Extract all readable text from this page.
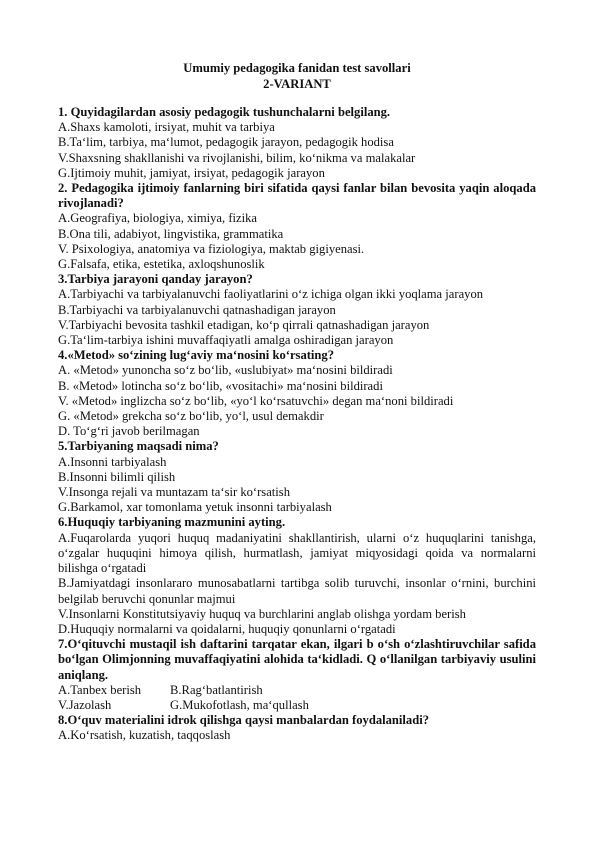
Umumiy pedagogika fanidan test savollari
2-VARIANT
1. Quyidagilardan asosiy pedagogik tushunchalarni belgilang.
A.Shaxs kamoloti, irsiyat, muhit va tarbiya
B.Ta‘lim, tarbiya, ma‘lumot, pedagogik jarayon, pedagogik hodisa
V.Shaxsning shakllanishi va rivojlanishi, bilim, ko‘nikma va malakalar
G.Ijtimoiy muhit, jamiyat, irsiyat, pedagogik jarayon
2. Pedagogika ijtimoiy fanlarning biri sifatida qaysi fanlar bilan bevosita yaqin aloqada rivojlanadi?
A.Geografiya, biologiya, ximiya, fizika
B.Ona tili, adabiyot, lingvistika, grammatika
V. Psixologiya, anatomiya va fiziologiya, maktab gigiyenasi.
G.Falsafa, etika, estetika, axloqshunoslik
3.Tarbiya jarayoni qanday jarayon?
A.Tarbiyachi va tarbiyalanuvchi faoliyatlarini o‘z ichiga olgan ikki yoqlama jarayon
B.Tarbiyachi va tarbiyalanuvchi qatnashadigan jarayon
V.Tarbiyachi bevosita tashkil etadigan, ko‘p qirrali qatnashadigan jarayon
G.Ta‘lim-tarbiya ishini muvaffaqiyatli amalga oshiradigan jarayon
4.«Metod» so‘zining lug‘aviy ma‘nosini ko‘rsating?
A. «Metod» yunoncha so‘z bo‘lib, «uslubiyat» ma‘nosini bildiradi
B. «Metod» lotincha so‘z bo‘lib, «vositachi» ma‘nosini bildiradi
V. «Metod» inglizcha so‘z bo‘lib, «yo‘l ko‘rsatuvchi» degan ma‘noni bildiradi
G. «Metod» grekcha so‘z bo‘lib, yo‘l, usul demakdir
D. To‘g‘ri javob berilmagan
5.Tarbiyaning maqsadi nima?
A.Insonni tarbiyalash
B.Insonni bilimli qilish
V.Insonga rejali va muntazam ta‘sir ko‘rsatish
G.Barkamol, xar tomonlama yetuk insonni tarbiyalash
6.Huquqiy tarbiyaning mazmunini ayting.
A.Fuqarolarda yuqori huquq madaniyatini shakllantirish, ularni o‘z huquqlarini tanishga, o‘zgalar huquqini himoya qilish, hurmatlash, jamiyat miqyosidagi qoida va normalarni bilishga o‘rgatadi
B.Jamiyatdagi insonlararo munosabatlarni tartibga solib turuvchi, insonlar o‘rnini, burchini belgilab beruvchi qonunlar majmui
V.Insonlarni Konstitutsiyaviy huquq va burchlarini anglab olishga yordam berish
D.Huquqiy normalarni va qoidalarni, huquqiy qonunlarni o‘rgatadi
7.O‘qituvchi mustaqil ish daftarini tarqatar ekan, ilgari b o‘sh o‘zlashtiruvchilar safida bo‘lgan Olimjonning muvaffaqiyatini alohida ta‘kidladi. Q o‘llanilgan tarbiyaviy usulini aniqlang.
A.Tanbex berish	B.Rag‘batlantirish
V.Jazolash	G.Mukofotlash, ma‘qullash
8.O‘quv materialini idrok qilishga qaysi manbalardan foydalaniladi?
A.Ko‘rsatish, kuzatish, taqqoslash
